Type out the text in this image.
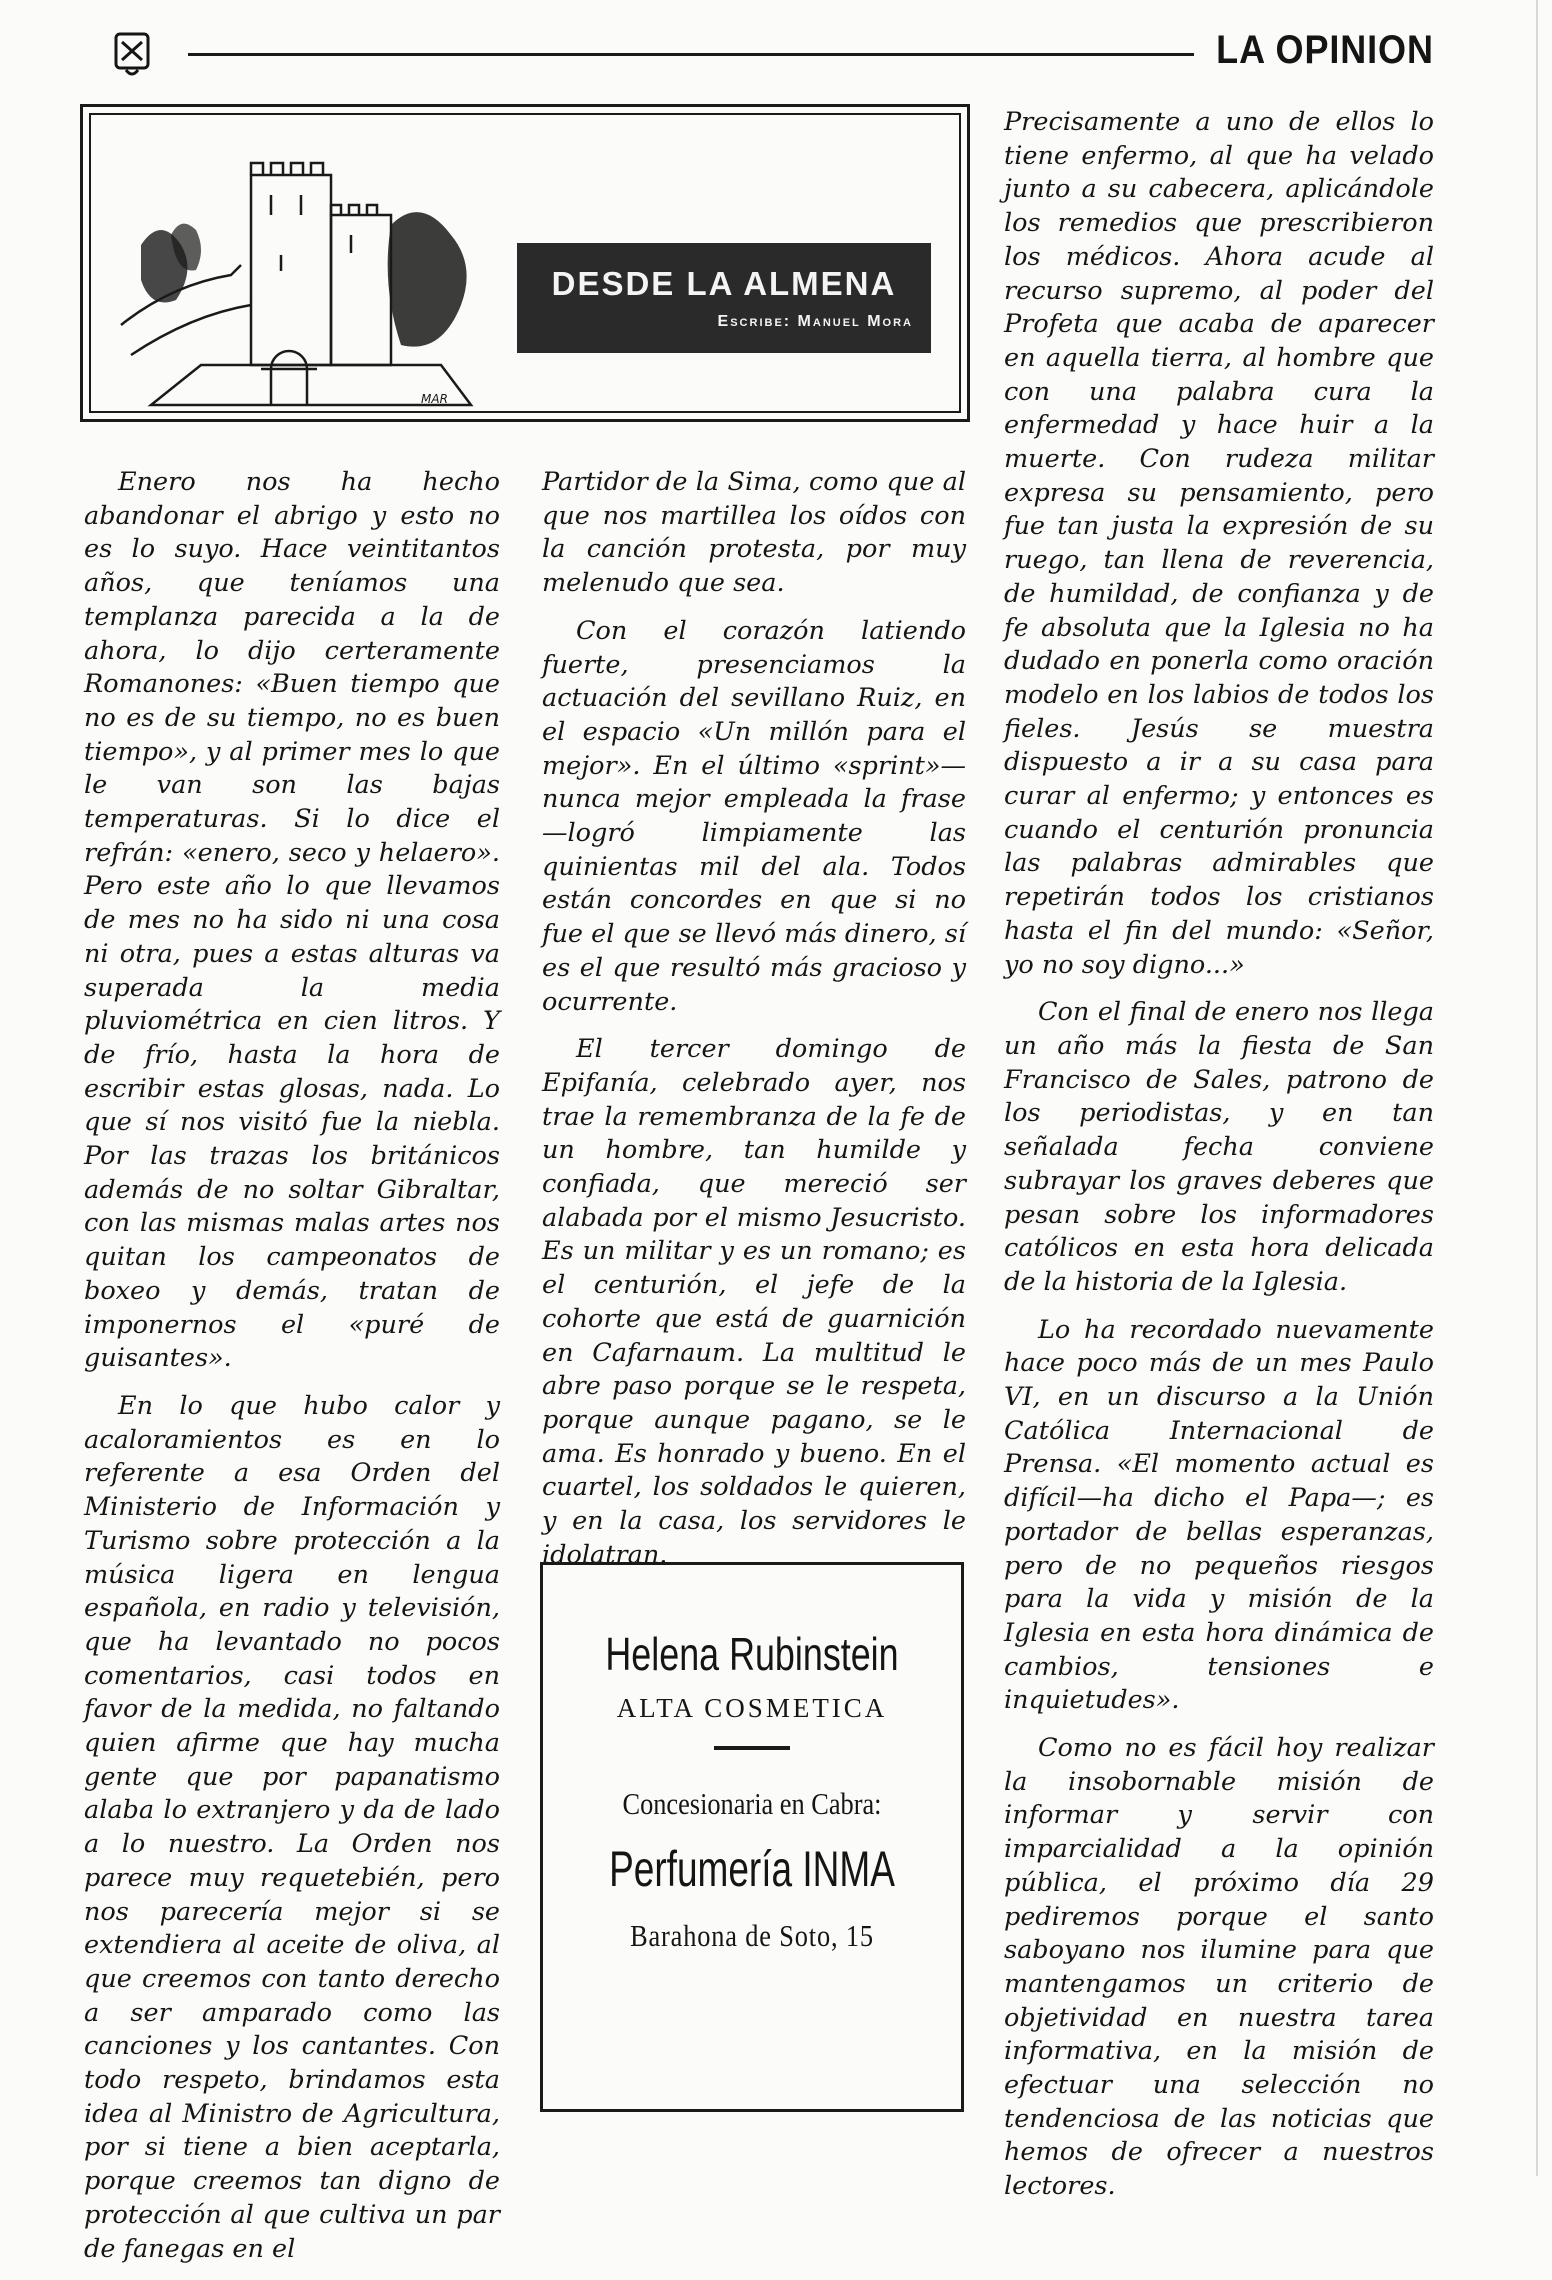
LA OPINION
MAR
DESDE LA ALMENA
Escribe: Manuel Mora

Enero nos ha hecho abandonar el abrigo y esto no es lo suyo. Hace veintitantos años, que teníamos una templanza parecida a la de ahora, lo dijo certeramente Romanones: «Buen tiempo que no es de su tiempo, no es buen tiempo», y al primer mes lo que le van son las bajas temperaturas. Si lo dice el refrán: «enero, seco y helaero». Pero este año lo que llevamos de mes no ha sido ni una cosa ni otra, pues a estas alturas va superada la media pluviométrica en cien litros. Y de frío, hasta la hora de escribir estas glosas, nada. Lo que sí nos visitó fue la niebla. Por las trazas los británicos además de no soltar Gibraltar, con las mismas malas artes nos quitan los campeonatos de boxeo y demás, tratan de imponernos el «puré de guisantes».

En lo que hubo calor y acaloramientos es en lo referente a esa Orden del Ministerio de Información y Turismo sobre protección a la música ligera en lengua española, en radio y televisión, que ha levantado no pocos comentarios, casi todos en favor de la medida, no faltando quien afirme que hay mucha gente que por papanatismo alaba lo extranjero y da de lado a lo nuestro. La Orden nos parece muy requetebién, pero nos parecería mejor si se extendiera al aceite de oliva, al que creemos con tanto derecho a ser amparado como las canciones y los cantantes. Con todo respeto, brindamos esta idea al Ministro de Agricultura, por si tiene a bien aceptarla, porque creemos tan digno de protección al que cultiva un par de fanegas en el

Partidor de la Sima, como que al que nos martillea los oídos con la canción protesta, por muy melenudo que sea.

Con el corazón latiendo fuerte, presenciamos la actuación del sevillano Ruiz, en el espacio «Un millón para el mejor». En el último «sprint»—nunca mejor empleada la frase—logró limpiamente las quinientas mil del ala. Todos están concordes en que si no fue el que se llevó más dinero, sí es el que resultó más gracioso y ocurrente.

El tercer domingo de Epifanía, celebrado ayer, nos trae la remembranza de la fe de un hombre, tan humilde y confiada, que mereció ser alabada por el mismo Jesucristo. Es un militar y es un romano; es el centurión, el jefe de la cohorte que está de guarnición en Cafarnaum. La multitud le abre paso porque se le respeta, porque aunque pagano, se le ama. Es honrado y bueno. En el cuartel, los soldados le quieren, y en la casa, los servidores le idolatran.

Precisamente a uno de ellos lo tiene enfermo, al que ha velado junto a su cabecera, aplicándole los remedios que prescribieron los médicos. Ahora acude al recurso supremo, al poder del Profeta que acaba de aparecer en aquella tierra, al hombre que con una palabra cura la enfermedad y hace huir a la muerte. Con rudeza militar expresa su pensamiento, pero fue tan justa la expresión de su ruego, tan llena de reverencia, de humildad, de confianza y de fe absoluta que la Iglesia no ha dudado en ponerla como oración modelo en los labios de todos los fieles. Jesús se muestra dispuesto a ir a su casa para curar al enfermo; y entonces es cuando el centurión pronuncia las palabras admirables que repetirán todos los cristianos hasta el fin del mundo: «Señor, yo no soy digno...»

Con el final de enero nos llega un año más la fiesta de San Francisco de Sales, patrono de los periodistas, y en tan señalada fecha conviene subrayar los graves deberes que pesan sobre los informadores católicos en esta hora delicada de la historia de la Iglesia.

Lo ha recordado nuevamente hace poco más de un mes Paulo VI, en un discurso a la Unión Católica Internacional de Prensa. «El momento actual es difícil—ha dicho el Papa—; es portador de bellas esperanzas, pero de no pequeños riesgos para la vida y misión de la Iglesia en esta hora dinámica de cambios, tensiones e inquietudes».

Como no es fácil hoy realizar la insobornable misión de informar y servir con imparcialidad a la opinión pública, el próximo día 29 pediremos porque el santo saboyano nos ilumine para que mantengamos un criterio de objetividad en nuestra tarea informativa, en la misión de efectuar una selección no tendenciosa de las noticias que hemos de ofrecer a nuestros lectores.

Helena Rubinstein
ALTA COSMETICA
Concesionaria en Cabra:
Perfumería INMA
Barahona de Soto, 15
